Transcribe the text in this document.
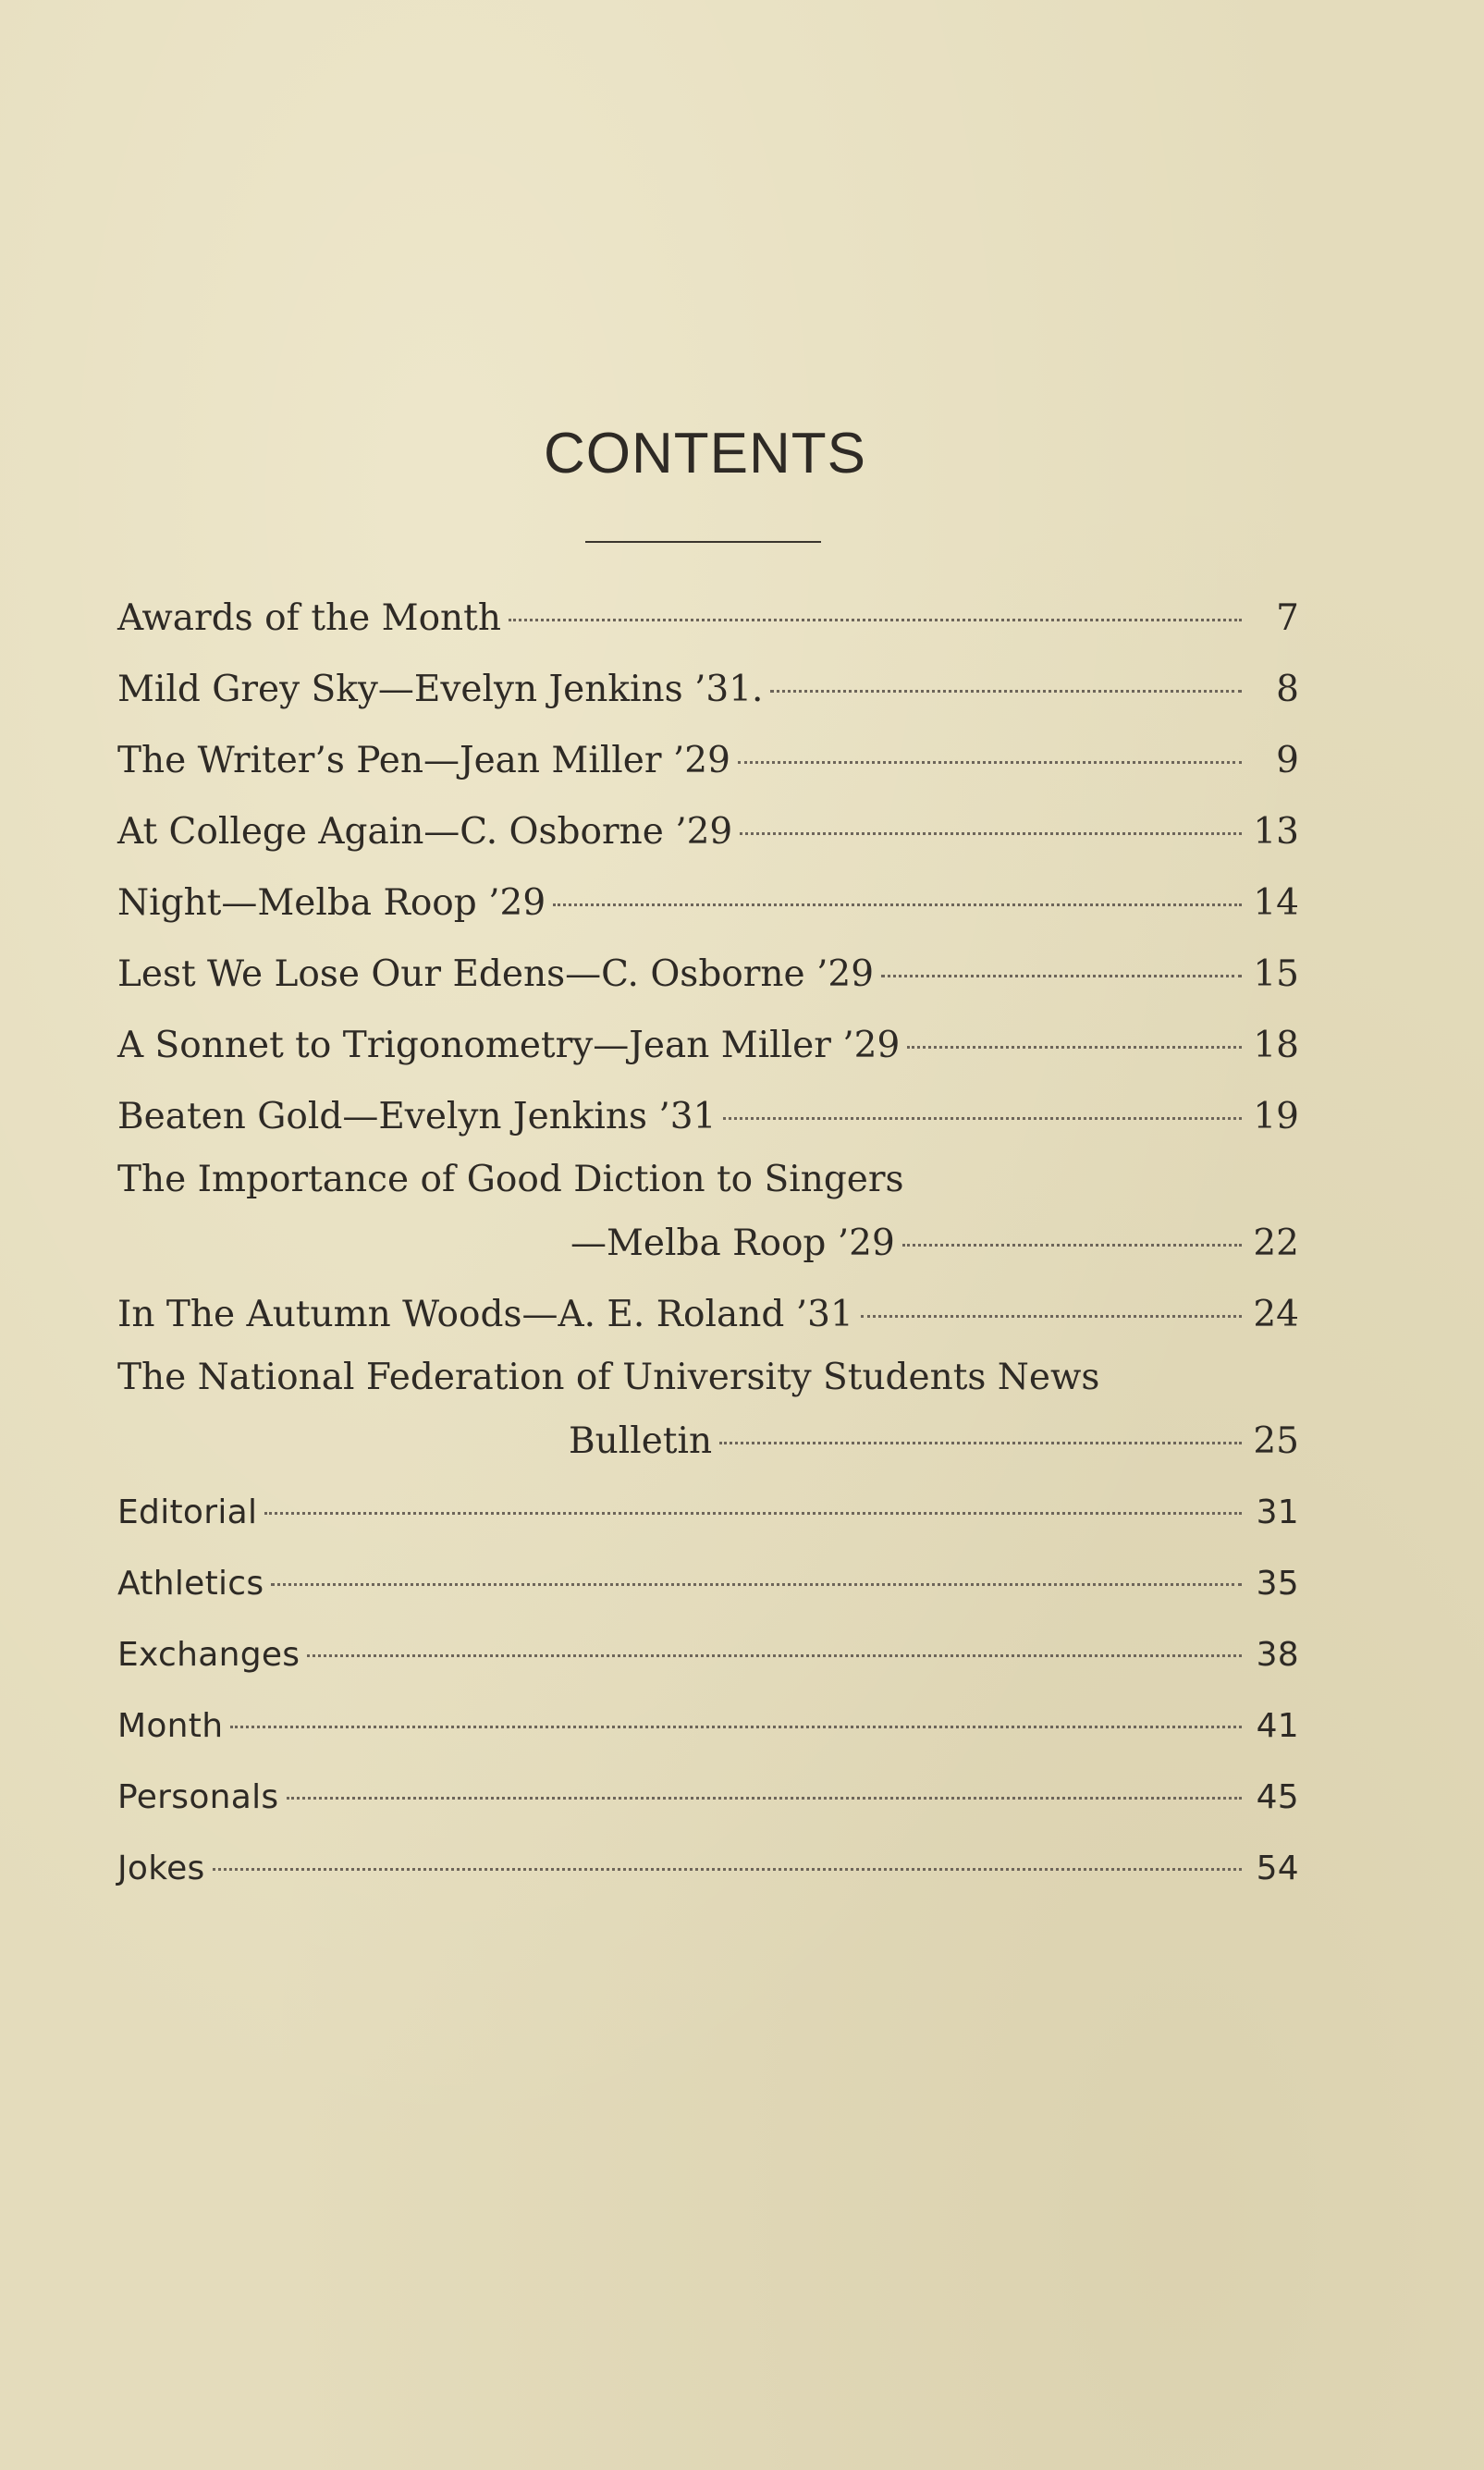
CONTENTS
Awards of the Month	7
Mild Grey Sky—Evelyn Jenkins ’31.	8
The Writer’s Pen—Jean Miller ’29	9
At College Again—C. Osborne ’29	13
Night—Melba Roop ’29	14
Lest We Lose Our Edens—C. Osborne ’29	15
A Sonnet to Trigonometry—Jean Miller ’29	18
Beaten Gold—Evelyn Jenkins ’31	19
The Importance of Good Diction to Singers
—Melba Roop ’29	22
In The Autumn Woods—A. E. Roland ’31	24
The National Federation of University Students News
Bulletin	25
Editorial	31
Athletics	35
Exchanges	38
Month	41
Personals	45
Jokes	54
